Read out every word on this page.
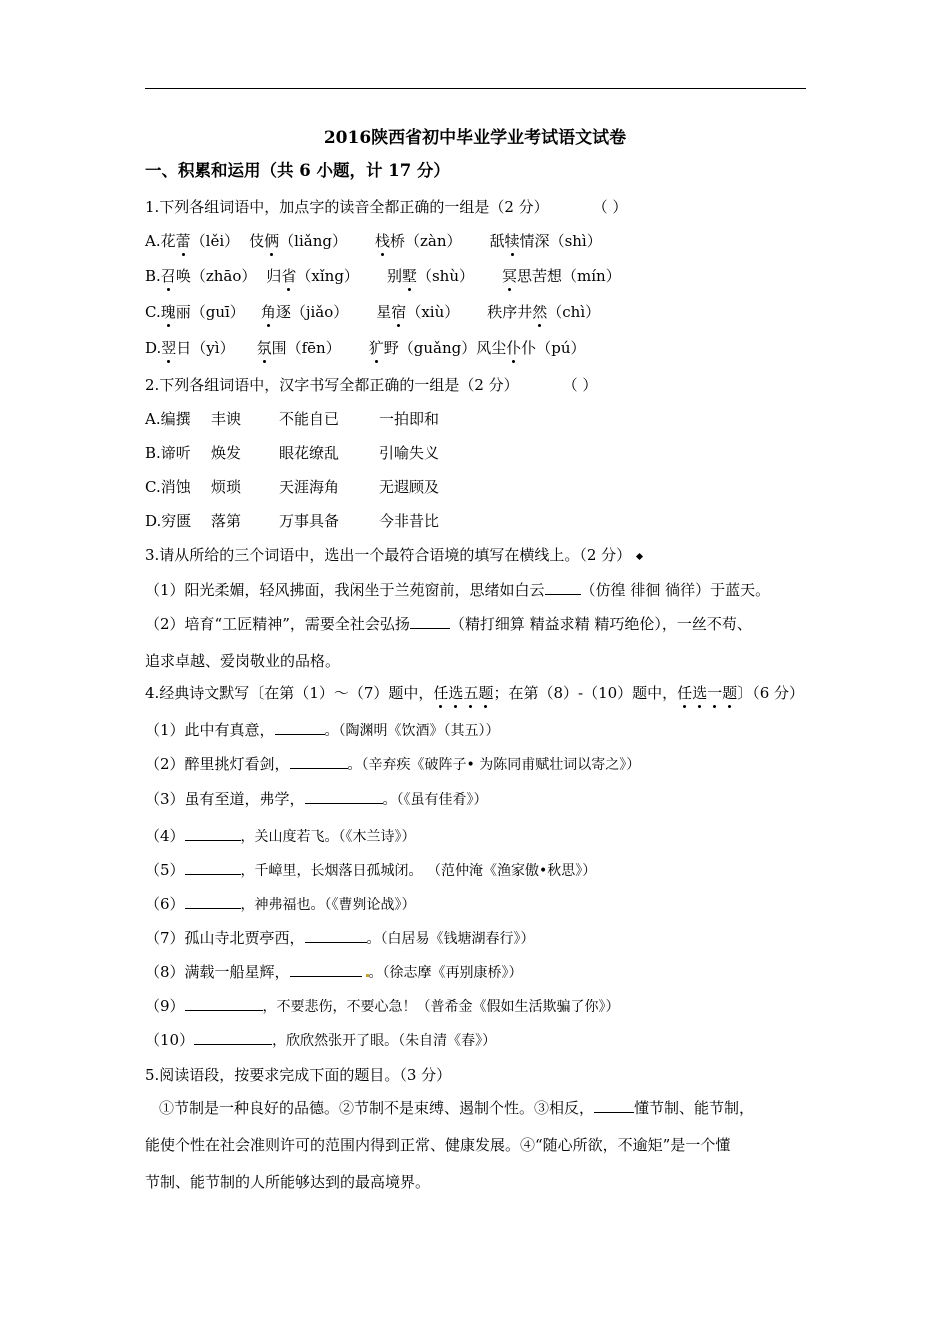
2016陕西省初中毕业学业考试语文试卷
一、积累和运用（共 6 小题，计 17 分）
1.下列各组词语中，加点字的读音全都正确的一组是（2 分）	（ ）
A.花蕾（lěi） 伎俩（liǎng） 栈桥（zàn） 舐犊情深（shì）
B.召唤（zhāo） 归省（xǐng） 别墅（shù） 冥思苦想（mín）
C.瑰丽（guī） 角逐（jiǎo） 星宿（xiù） 秩序井然（chì）
D.翌日（yì） 氛围（fēn） 犷野（guǎng）风尘仆仆（pú）
2.下列各组词语中，汉字书写全都正确的一组是（2 分）	（ ）
A.编撰 丰谀	不能自已	一拍即和
B.谛听 焕发	眼花缭乱	引喻失义
C.消蚀 烦琐	天涯海角	无遐顾及
D.穷匮 落第	万事具备	今非昔比
3.请从所给的三个词语中，选出一个最符合语境的填写在横线上。（2 分）
（1）阳光柔媚，轻风拂面，我闲坐于兰苑窗前，思绪如白云 （仿徨 徘徊 徜徉）于蓝天。
（2）培育“工匠精神”，需要全社会弘扬	（精打细算 精益求精 精巧绝伦），一丝不苟、
追求卓越、爱岗敬业的品格。
4.经典诗文默写〔在第（1）～（7）题中，任选五题；在第（8）-（10）题中，任选一题〕（6 分）
（1）此中有真意，	。（陶渊明《饮酒》（其五））
（2）醉里挑灯看剑，	。（辛弃疾《破阵子• 为陈同甫赋壮词以寄之》）
（3）虽有至道，弗学，	。（《虽有佳肴》）
（4）	，关山度若飞。（《木兰诗》）
（5）	，千嶂里，长烟落日孤城闭。 （范仲淹《渔家傲•秋思》）
（6）	，神弗福也。（《曹刿论战》）
（7）孤山寺北贾亭西，	。（白居易《钱塘湖春行》）
（8）满载一船星辉，	。（徐志摩《再别康桥》）
（9）	，不要悲伤，不要心急！（普希金《假如生活欺骗了你》）
（10）	，欣欣然张开了眼。（朱自清《春》）
5.阅读语段，按要求完成下面的题目。（3 分）
①节制是一种良好的品德。②节制不是束缚、遏制个性。③相反，	懂节制、能节制，
能使个性在社会准则许可的范围内得到正常、健康发展。④“随心所欲，不逾矩”是一个懂
节制、能节制的人所能够达到的最高境界。
